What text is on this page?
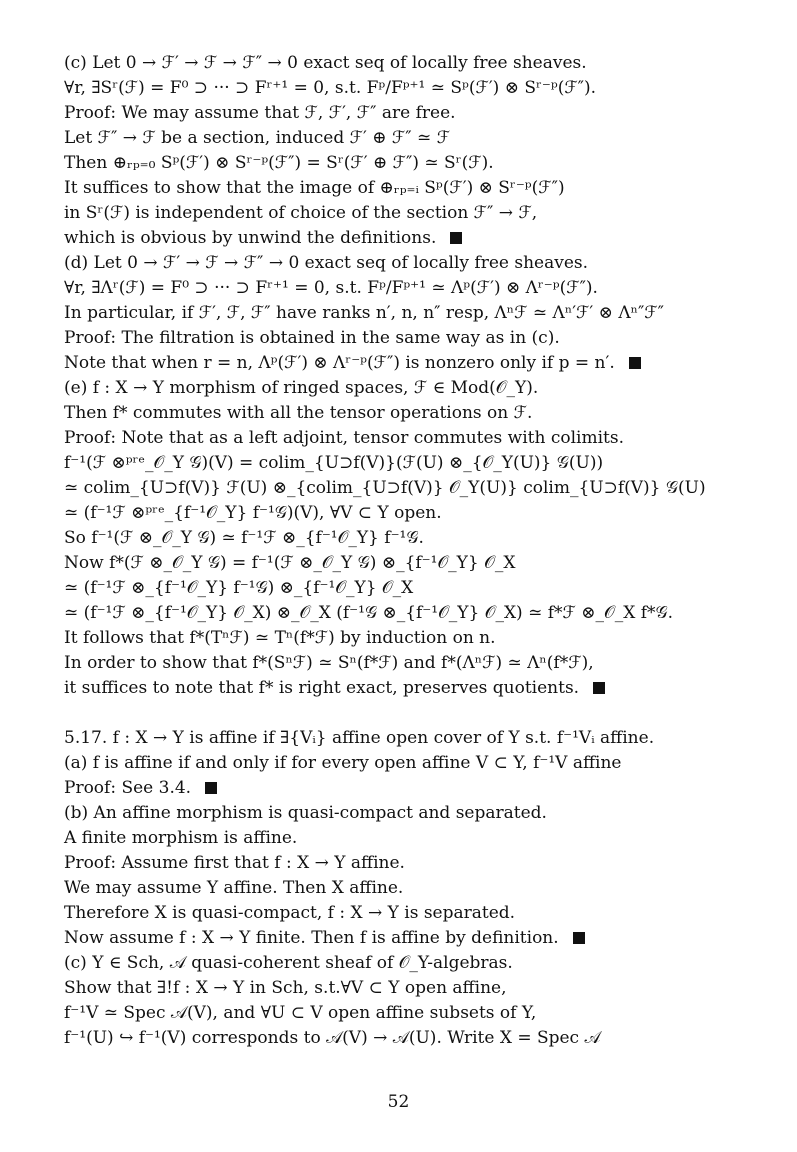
(c) Let 0 → ℱ′ → ℱ → ℱ″ → 0 exact seq of locally free sheaves.
∀r, ∃Sʳ(ℱ) = F⁰ ⊃ ··· ⊃ Fʳ⁺¹ = 0, s.t. Fᵖ/Fᵖ⁺¹ ≃ Sᵖ(ℱ′) ⊗ Sʳ⁻ᵖ(ℱ″).
Proof: We may assume that ℱ, ℱ′, ℱ″ are free.
Let ℱ″ → ℱ be a section, induced ℱ′ ⊕ ℱ″ ≃ ℱ
Then ⊕ᵣₚ₌₀ Sᵖ(ℱ′) ⊗ Sʳ⁻ᵖ(ℱ″) = Sʳ(ℱ′ ⊕ ℱ″) ≃ Sʳ(ℱ).
It suffices to show that the image of ⊕ᵣₚ₌ᵢ Sᵖ(ℱ′) ⊗ Sʳ⁻ᵖ(ℱ″)
in Sʳ(ℱ) is independent of choice of the section ℱ″ → ℱ,
which is obvious by unwind the definitions.
(d) Let 0 → ℱ′ → ℱ → ℱ″ → 0 exact seq of locally free sheaves.
∀r, ∃Λʳ(ℱ) = F⁰ ⊃ ··· ⊃ Fʳ⁺¹ = 0, s.t. Fᵖ/Fᵖ⁺¹ ≃ Λᵖ(ℱ′) ⊗ Λʳ⁻ᵖ(ℱ″).
In particular, if ℱ′, ℱ, ℱ″ have ranks n′, n, n″ resp, Λⁿℱ ≃ Λⁿ′ℱ′ ⊗ Λⁿ″ℱ″
Proof: The filtration is obtained in the same way as in (c).
Note that when r = n, Λᵖ(ℱ′) ⊗ Λʳ⁻ᵖ(ℱ″) is nonzero only if p = n′.
(e) f : X → Y morphism of ringed spaces, ℱ ∈ Mod(𝒪_Y).
Then f* commutes with all the tensor operations on ℱ.
Proof: Note that as a left adjoint, tensor commutes with colimits.
f⁻¹(ℱ ⊗ᵖʳᵉ_𝒪_Y 𝒢)(V) = colim_{U⊃f(V)}(ℱ(U) ⊗_{𝒪_Y(U)} 𝒢(U))
≃ colim_{U⊃f(V)} ℱ(U) ⊗_{colim_{U⊃f(V)} 𝒪_Y(U)} colim_{U⊃f(V)} 𝒢(U)
≃ (f⁻¹ℱ ⊗ᵖʳᵉ_{f⁻¹𝒪_Y} f⁻¹𝒢)(V), ∀V ⊂ Y open.
So f⁻¹(ℱ ⊗_𝒪_Y 𝒢) ≃ f⁻¹ℱ ⊗_{f⁻¹𝒪_Y} f⁻¹𝒢.
Now f*(ℱ ⊗_𝒪_Y 𝒢) = f⁻¹(ℱ ⊗_𝒪_Y 𝒢) ⊗_{f⁻¹𝒪_Y} 𝒪_X
≃ (f⁻¹ℱ ⊗_{f⁻¹𝒪_Y} f⁻¹𝒢) ⊗_{f⁻¹𝒪_Y} 𝒪_X
≃ (f⁻¹ℱ ⊗_{f⁻¹𝒪_Y} 𝒪_X) ⊗_𝒪_X (f⁻¹𝒢 ⊗_{f⁻¹𝒪_Y} 𝒪_X) ≃ f*ℱ ⊗_𝒪_X f*𝒢.
It follows that f*(Tⁿℱ) ≃ Tⁿ(f*ℱ) by induction on n.
In order to show that f*(Sⁿℱ) ≃ Sⁿ(f*ℱ) and f*(Λⁿℱ) ≃ Λⁿ(f*ℱ),
it suffices to note that f* is right exact, preserves quotients.
5.17. f : X → Y is affine if ∃{Vᵢ} affine open cover of Y s.t. f⁻¹Vᵢ affine.
(a) f is affine if and only if for every open affine V ⊂ Y, f⁻¹V affine
Proof: See 3.4.
(b) An affine morphism is quasi-compact and separated.
A finite morphism is affine.
Proof: Assume first that f : X → Y affine.
We may assume Y affine. Then X affine.
Therefore X is quasi-compact, f : X → Y is separated.
Now assume f : X → Y finite. Then f is affine by definition.
(c) Y ∈ Sch, 𝒜 quasi-coherent sheaf of 𝒪_Y-algebras.
Show that ∃!f : X → Y in Sch, s.t.∀V ⊂ Y open affine,
f⁻¹V ≃ Spec 𝒜(V), and ∀U ⊂ V open affine subsets of Y,
f⁻¹(U) ↪ f⁻¹(V) corresponds to 𝒜(V) → 𝒜(U). Write X = Spec 𝒜
52
